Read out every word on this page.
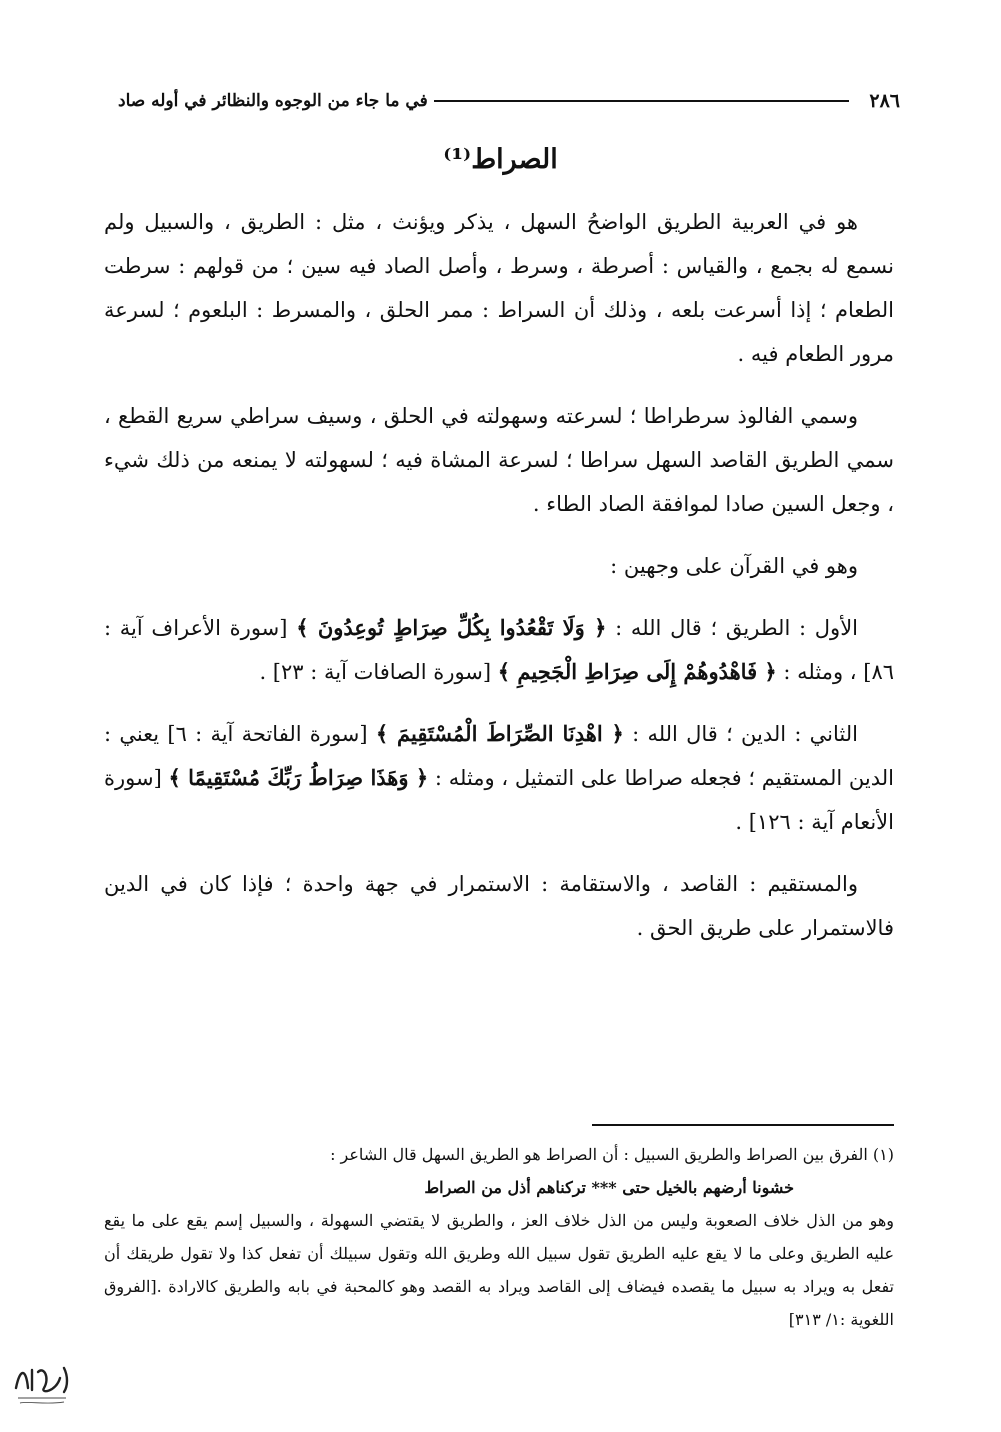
٢٨٦
في ما جاء من الوجوه والنظائر في أوله صاد
الصراط⁽¹⁾

هو في العربية الطريق الواضحُ السهل ، يذكر ويؤنث ، مثل : الطريق ، والسبيل ولم نسمع له بجمع ، والقياس : أصرطة ، وسرط ، وأصل الصاد فيه سين ؛ من قولهم : سرطت الطعام ؛ إذا أسرعت بلعه ، وذلك أن السراط : ممر الحلق ، والمسرط : البلعوم ؛ لسرعة مرور الطعام فيه .

وسمي الفالوذ سرطراطا ؛ لسرعته وسهولته في الحلق ، وسيف سراطي سريع القطع ، سمي الطريق القاصد السهل سراطا ؛ لسرعة المشاة فيه ؛ لسهولته لا يمنعه من ذلك شيء ، وجعل السين صادا لموافقة الصاد الطاء .

وهو في القرآن على وجهين :

الأول : الطريق ؛ قال الله : ﴿ وَلَا تَقْعُدُوا بِكُلِّ صِرَاطٍ تُوعِدُونَ ﴾ [سورة الأعراف آية : ٨٦] ، ومثله : ﴿ فَاهْدُوهُمْ إِلَى صِرَاطِ الْجَحِيمِ ﴾ [سورة الصافات آية : ٢٣] .

الثاني : الدين ؛ قال الله : ﴿ اهْدِنَا الصِّرَاطَ الْمُسْتَقِيمَ ﴾ [سورة الفاتحة آية : ٦] يعني : الدين المستقيم ؛ فجعله صراطا على التمثيل ، ومثله : ﴿ وَهَذَا صِرَاطُ رَبِّكَ مُسْتَقِيمًا ﴾ [سورة الأنعام آية : ١٢٦] .

والمستقيم : القاصد ، والاستقامة : الاستمرار في جهة واحدة ؛ فإذا كان في الدين فالاستمرار على طريق الحق .

(١) الفرق بين الصراط والطريق السبيل : أن الصراط هو الطريق السهل قال الشاعر :

خشونا أرضهم بالخيل حتى *** تركناهم أذل من الصراط

وهو من الذل خلاف الصعوبة وليس من الذل خلاف العز ، والطريق لا يقتضي السهولة ، والسبيل إسم يقع على ما يقع عليه الطريق وعلى ما لا يقع عليه الطريق تقول سبيل الله وطريق الله وتقول سبيلك أن تفعل كذا ولا تقول طريقك أن تفعل به ويراد به سبيل ما يقصده فيضاف إلى القاصد ويراد به القصد وهو كالمحبة في بابه والطريق كالارادة .[الفروق اللغوية :١/ ٣١٣]
